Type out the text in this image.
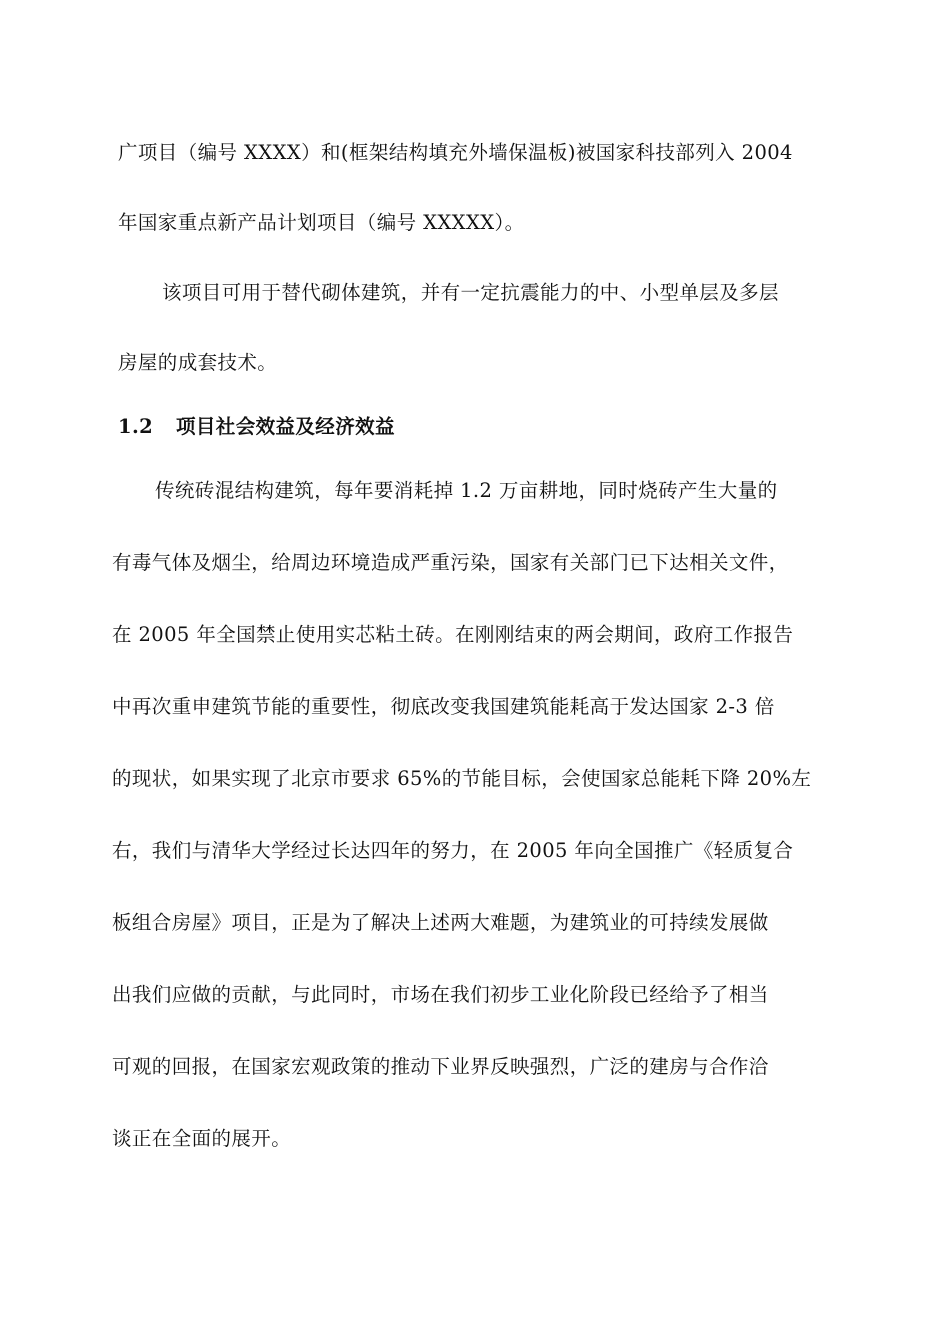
广项目（编号 XXXX）和(框架结构填充外墙保温板)被国家科技部列入 2004
年国家重点新产品计划项目（编号 XXXXX）。
该项目可用于替代砌体建筑，并有一定抗震能力的中、小型单层及多层
房屋的成套技术。
1.2 项目社会效益及经济效益
传统砖混结构建筑，每年要消耗掉 1.2 万亩耕地，同时烧砖产生大量的
有毒气体及烟尘，给周边环境造成严重污染，国家有关部门已下达相关文件，
在 2005 年全国禁止使用实芯粘土砖。在刚刚结束的两会期间，政府工作报告
中再次重申建筑节能的重要性，彻底改变我国建筑能耗高于发达国家 2-3 倍
的现状，如果实现了北京市要求 65%的节能目标，会使国家总能耗下降 20%左
右，我们与清华大学经过长达四年的努力，在 2005 年向全国推广《轻质复合
板组合房屋》项目，正是为了解决上述两大难题，为建筑业的可持续发展做
出我们应做的贡献，与此同时，市场在我们初步工业化阶段已经给予了相当
可观的回报，在国家宏观政策的推动下业界反映强烈，广泛的建房与合作洽
谈正在全面的展开。
